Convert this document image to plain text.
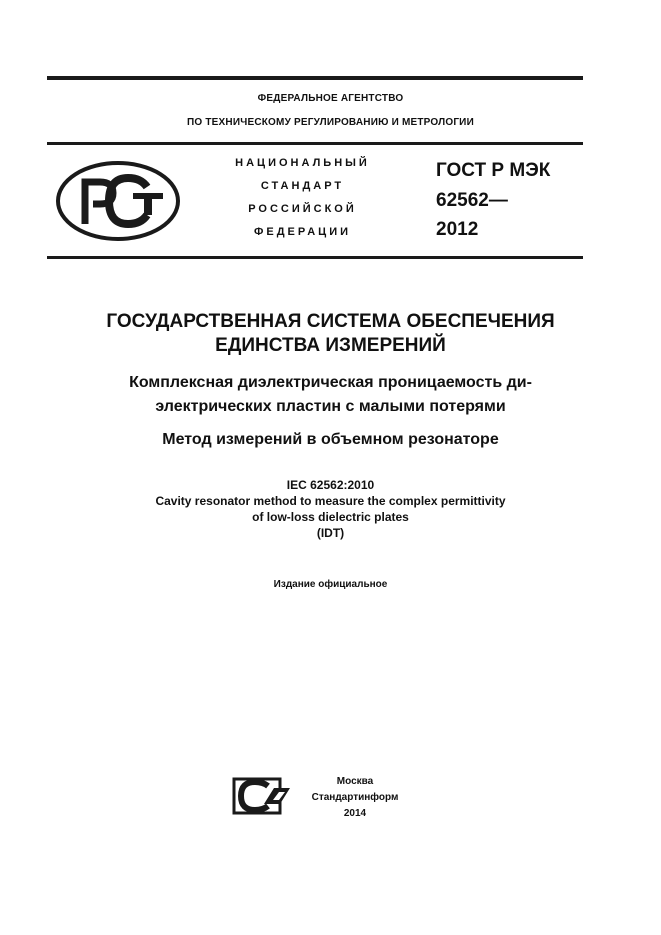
ФЕДЕРАЛЬНОЕ АГЕНТСТВО
ПО ТЕХНИЧЕСКОМУ РЕГУЛИРОВАНИЮ И МЕТРОЛОГИИ
НАЦИОНАЛЬНЫЙ
СТАНДАРТ
РОССИЙСКОЙ
ФЕДЕРАЦИИ
ГОСТ Р МЭК
62562—
2012
ГОСУДАРСТВЕННАЯ СИСТЕМА ОБЕСПЕЧЕНИЯ
ЕДИНСТВА ИЗМЕРЕНИЙ
Комплексная диэлектрическая проницаемость ди-
электрических пластин с малыми потерями
Метод измерений в объемном резонаторе
IEC 62562:2010
Cavity resonator method to measure the complex permittivity
of low-loss dielectric plates
(IDT)
Издание официальное
Москва
Стандартинформ
2014
